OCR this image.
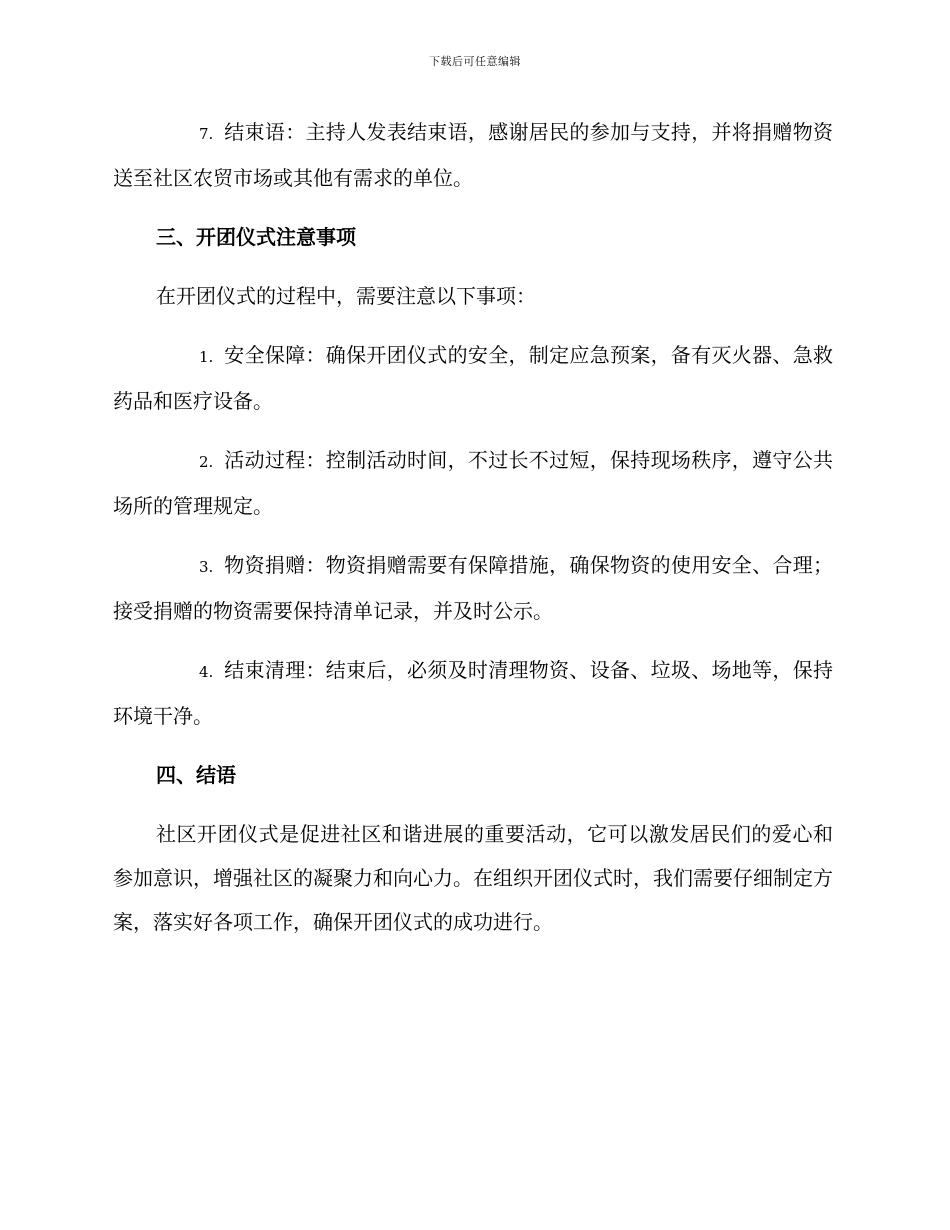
下载后可任意编辑

7. 结束语：主持人发表结束语，感谢居民的参加与支持，并将捐赠物资送至社区农贸市场或其他有需求的单位。

三、开团仪式注意事项

在开团仪式的过程中，需要注意以下事项：

1. 安全保障：确保开团仪式的安全，制定应急预案，备有灭火器、急救药品和医疗设备。

2. 活动过程：控制活动时间，不过长不过短，保持现场秩序，遵守公共场所的管理规定。

3. 物资捐赠：物资捐赠需要有保障措施，确保物资的使用安全、合理；接受捐赠的物资需要保持清单记录，并及时公示。

4. 结束清理：结束后，必须及时清理物资、设备、垃圾、场地等，保持环境干净。

四、结语

社区开团仪式是促进社区和谐进展的重要活动，它可以激发居民们的爱心和参加意识，增强社区的凝聚力和向心力。在组织开团仪式时，我们需要仔细制定方案，落实好各项工作，确保开团仪式的成功进行。
